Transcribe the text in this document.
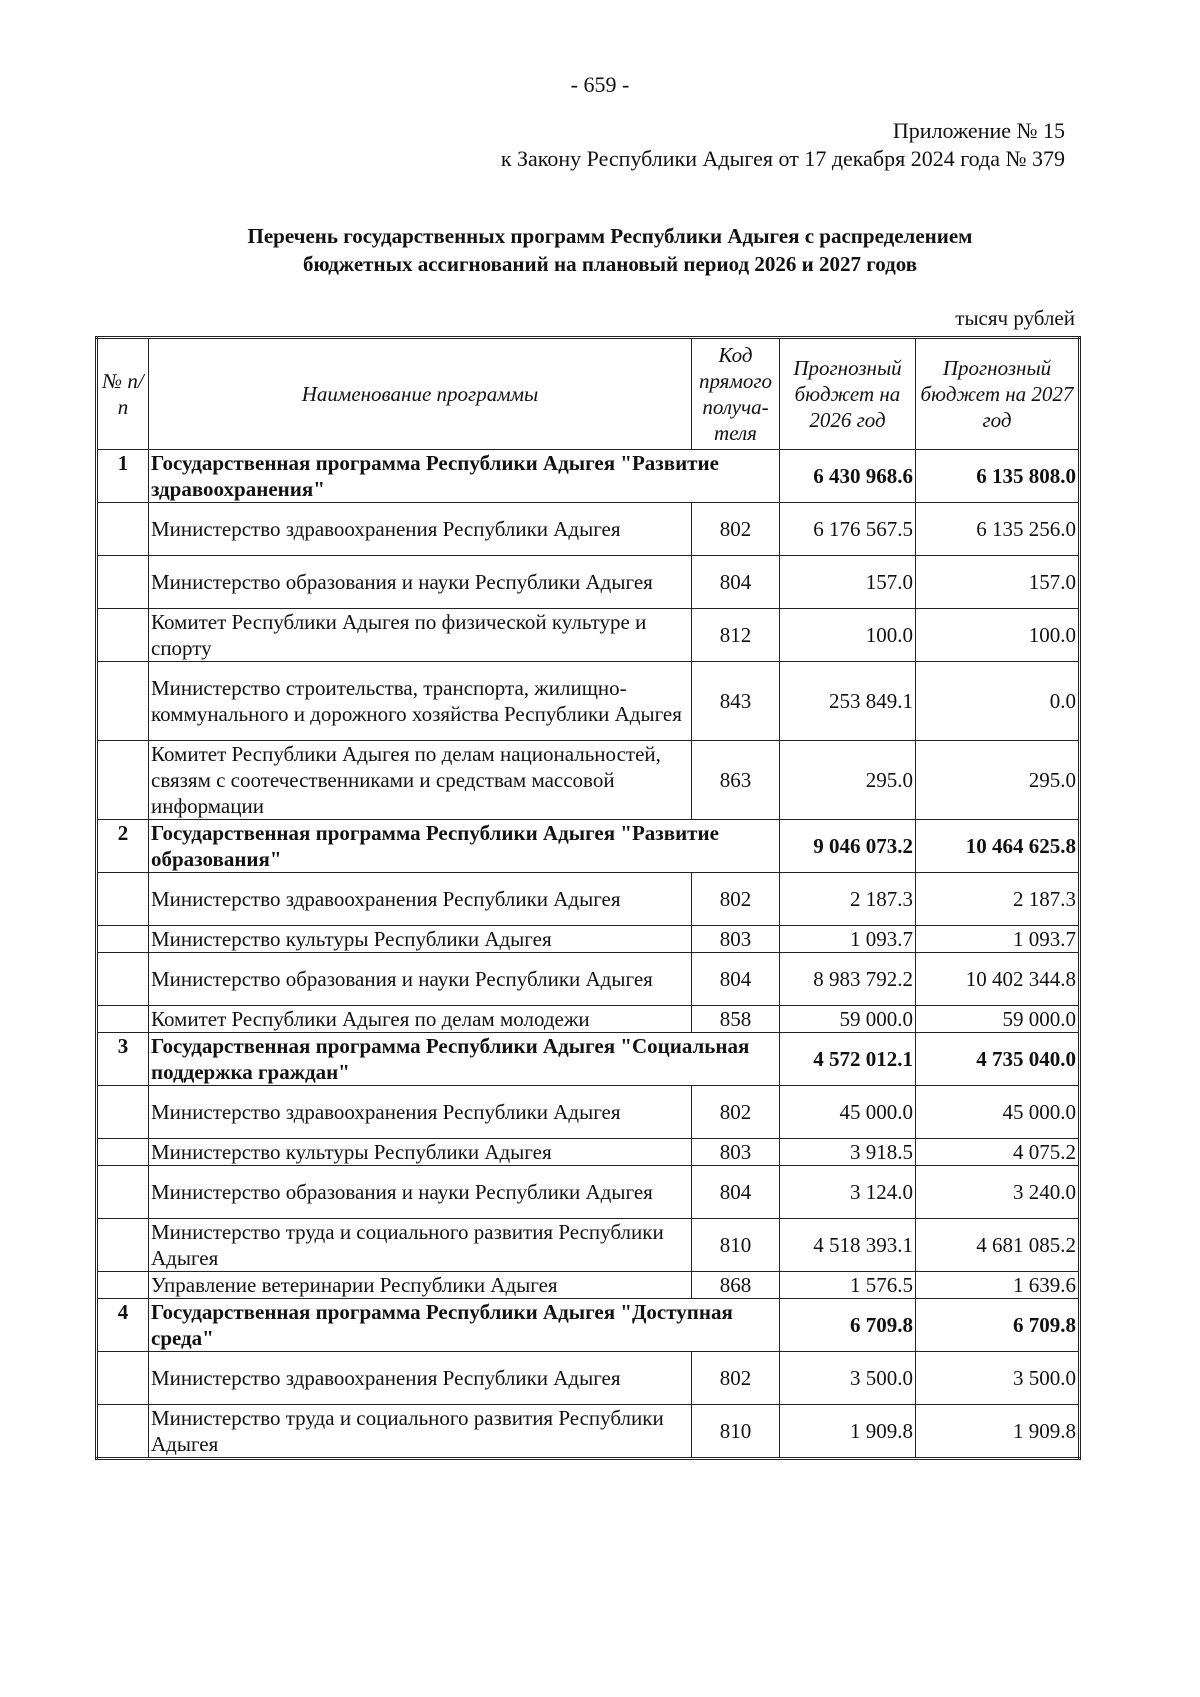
- 659 -
Приложение № 15
к Закону Республики Адыгея от 17 декабря 2024 года № 379
Перечень государственных программ Республики Адыгея с распределением
бюджетных ассигнований на плановый период 2026 и 2027 годов
тысяч рублей
№ п/п	Наименование программы	Код прямого получа-теля	Прогнозный бюджет на 2026 год	Прогнозный бюджет на 2027 год
1	Государственная программа Республики Адыгея "Развитие здравоохранения"		6 430 968.6	6 135 808.0
	Министерство здравоохранения Республики Адыгея	802	6 176 567.5	6 135 256.0
	Министерство образования и науки Республики Адыгея	804	157.0	157.0
	Комитет Республики Адыгея по физической культуре и спорту	812	100.0	100.0
	Министерство строительства, транспорта, жилищно-коммунального и дорожного хозяйства Республики Адыгея	843	253 849.1	0.0
	Комитет Республики Адыгея по делам национальностей, связям с соотечественниками и средствам массовой информации	863	295.0	295.0
2	Государственная программа Республики Адыгея "Развитие образования"		9 046 073.2	10 464 625.8
	Министерство здравоохранения Республики Адыгея	802	2 187.3	2 187.3
	Министерство культуры Республики Адыгея	803	1 093.7	1 093.7
	Министерство образования и науки Республики Адыгея	804	8 983 792.2	10 402 344.8
	Комитет Республики Адыгея по делам молодежи	858	59 000.0	59 000.0
3	Государственная программа Республики Адыгея "Социальная поддержка граждан"		4 572 012.1	4 735 040.0
	Министерство здравоохранения Республики Адыгея	802	45 000.0	45 000.0
	Министерство культуры Республики Адыгея	803	3 918.5	4 075.2
	Министерство образования и науки Республики Адыгея	804	3 124.0	3 240.0
	Министерство труда и социального развития Республики Адыгея	810	4 518 393.1	4 681 085.2
	Управление ветеринарии Республики Адыгея	868	1 576.5	1 639.6
4	Государственная программа Республики Адыгея "Доступная среда"		6 709.8	6 709.8
	Министерство здравоохранения Республики Адыгея	802	3 500.0	3 500.0
	Министерство труда и социального развития Республики Адыгея	810	1 909.8	1 909.8
